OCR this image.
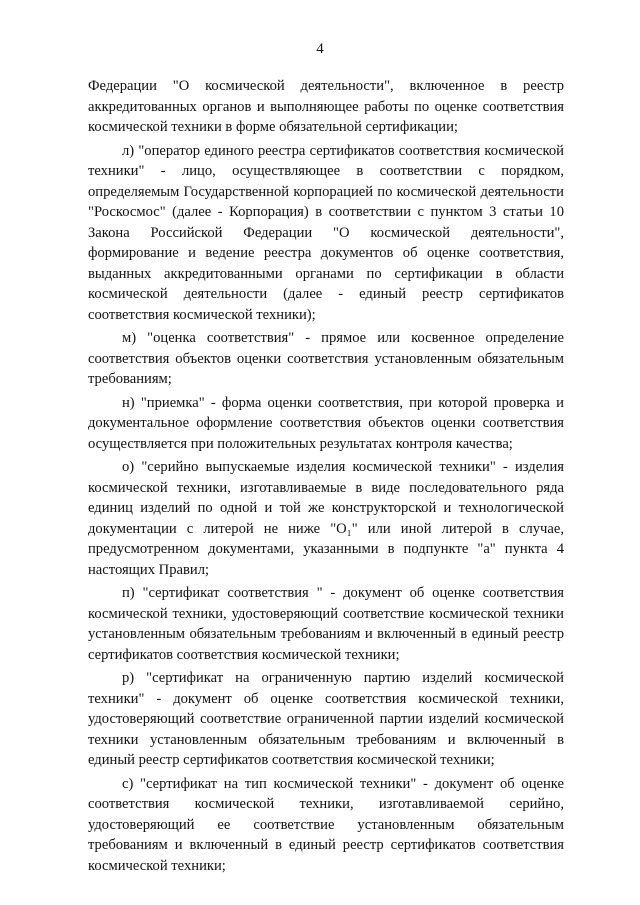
4

Федерации "О космической деятельности", включенное в реестр аккредитованных органов и выполняющее работы по оценке соответствия космической техники в форме обязательной сертификации;

л) "оператор единого реестра сертификатов соответствия космической техники" - лицо, осуществляющее в соответствии с порядком, определяемым Государственной корпорацией по космической деятельности "Роскосмос" (далее - Корпорация) в соответствии с пунктом 3 статьи 10 Закона Российской Федерации "О космической деятельности", формирование и ведение реестра документов об оценке соответствия, выданных аккредитованными органами по сертификации в области космической деятельности (далее - единый реестр сертификатов соответствия космической техники);

м) "оценка соответствия" - прямое или косвенное определение соответствия объектов оценки соответствия установленным обязательным требованиям;

н) "приемка" - форма оценки соответствия, при которой проверка и документальное оформление соответствия объектов оценки соответствия осуществляется при положительных результатах контроля качества;

о) "серийно выпускаемые изделия космической техники" - изделия космической техники, изготавливаемые в виде последовательного ряда единиц изделий по одной и той же конструкторской и технологической документации с литерой не ниже "О₁" или иной литерой в случае, предусмотренном документами, указанными в подпункте "а" пункта 4 настоящих Правил;

п) "сертификат соответствия " - документ об оценке соответствия космической техники, удостоверяющий соответствие космической техники установленным обязательным требованиям и включенный в единый реестр сертификатов соответствия космической техники;

р) "сертификат на ограниченную партию изделий космической техники" - документ об оценке соответствия космической техники, удостоверяющий соответствие ограниченной партии изделий космической техники установленным обязательным требованиям и включенный в единый реестр сертификатов соответствия космической техники;

с) "сертификат на тип космической техники" - документ об оценке соответствия космической техники, изготавливаемой серийно, удостоверяющий ее соответствие установленным обязательным требованиям и включенный в единый реестр сертификатов соответствия космической техники;
